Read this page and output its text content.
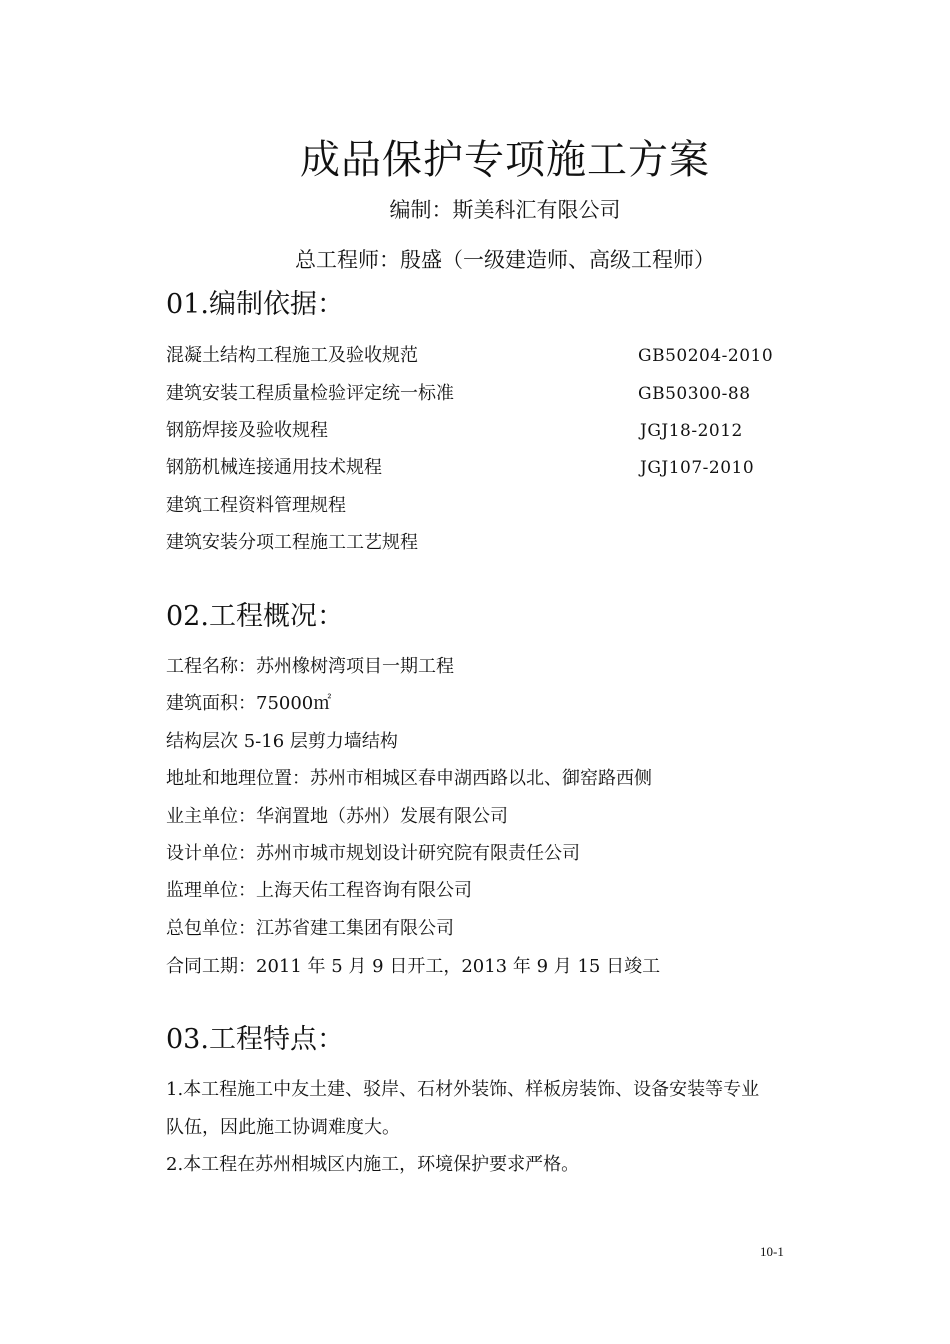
成品保护专项施工方案
编制：斯美科汇有限公司
总工程师：殷盛（一级建造师、高级工程师）
01.编制依据：
混凝土结构工程施工及验收规范	GB50204-2010
建筑安装工程质量检验评定统一标准	GB50300-88
钢筋焊接及验收规程	JGJ18-2012
钢筋机械连接通用技术规程	JGJ107-2010
建筑工程资料管理规程
建筑安装分项工程施工工艺规程
02.工程概况：
工程名称：苏州橡树湾项目一期工程
建筑面积：75000㎡
结构层次 5-16 层剪力墙结构
地址和地理位置：苏州市相城区春申湖西路以北、御窑路西侧
业主单位：华润置地（苏州）发展有限公司
设计单位：苏州市城市规划设计研究院有限责任公司
监理单位：上海天佑工程咨询有限公司
总包单位：江苏省建工集团有限公司
合同工期：2011 年 5 月 9 日开工，2013 年 9 月 15 日竣工
03.工程特点：
1.本工程施工中友土建、驳岸、石材外装饰、样板房装饰、设备安装等专业
队伍，因此施工协调难度大。
2.本工程在苏州相城区内施工，环境保护要求严格。
10-1
